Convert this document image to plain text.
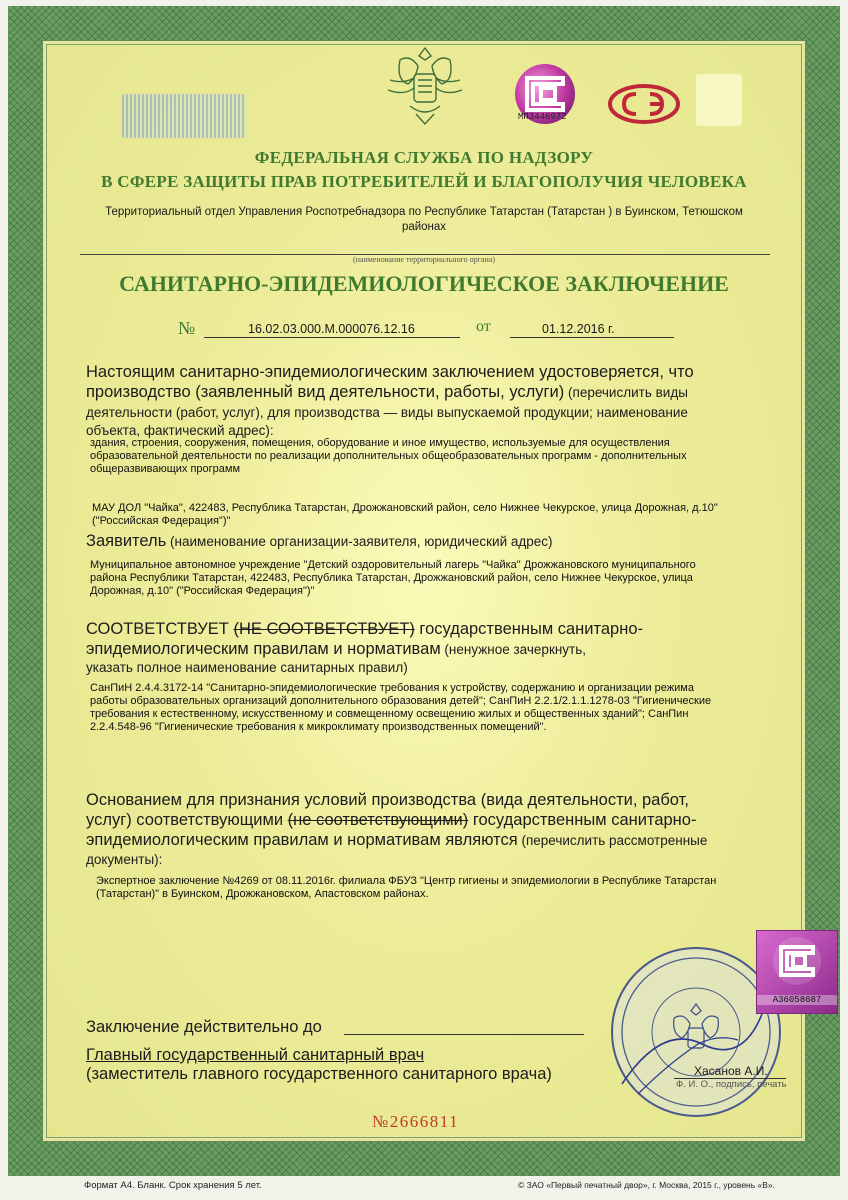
МП3446972
ФЕДЕРАЛЬНАЯ СЛУЖБА ПО НАДЗОРУ
В СФЕРЕ ЗАЩИТЫ ПРАВ ПОТРЕБИТЕЛЕЙ И БЛАГОПОЛУЧИЯ ЧЕЛОВЕКА
Территориальный отдел Управления Роспотребнадзора по Республике Татарстан (Татарстан ) в Буинском, Тетюшском
районах
(наименование территориального органа)
САНИТАРНО-ЭПИДЕМИОЛОГИЧЕСКОЕ ЗАКЛЮЧЕНИЕ
№	16.02.03.000.М.000076.12.16	от	01.12.2016 г.
Настоящим санитарно-эпидемиологическим заключением удостоверяется, что
производство (заявленный вид деятельности, работы, услуги) (перечислить виды
деятельности (работ, услуг), для производства — виды выпускаемой продукции; наименование
объекта, фактический адрес):
здания, строения, сооружения, помещения, оборудование и иное имущество, используемые для осуществления
образовательной деятельности по реализации дополнительных общеобразовательных программ - дополнительных
общеразвивающих программ
МАУ ДОЛ "Чайка", 422483, Республика Татарстан, Дрожжановский район, село Нижнее Чекурское, улица Дорожная, д.10"
("Российская Федерация")"
Заявитель (наименование организации-заявителя, юридический адрес)
Муниципальное автономное учреждение "Детский оздоровительный лагерь "Чайка" Дрожжановского муниципального
района Республики Татарстан, 422483, Республика Татарстан, Дрожжановский район, село Нижнее Чекурское, улица
Дорожная, д.10" ("Российская Федерация")"
СООТВЕТСТВУЕТ (НЕ СООТВЕТСТВУЕТ) государственным санитарно-
эпидемиологическим правилам и нормативам (ненужное зачеркнуть,
указать полное наименование санитарных правил)
СанПиН 2.4.4.3172-14 "Санитарно-эпидемиологические требования к устройству, содержанию и организации режима
работы образовательных организаций дополнительного образования детей"; СанПиН 2.2.1/2.1.1.1278-03 "Гигиенические
требования к естественному, искусственному и совмещенному освещению жилых и общественных зданий"; СанПин
2.2.4.548-96 "Гигиенические требования к микроклимату производственных помещений".
Основанием для признания условий производства (вида деятельности, работ,
услуг) соответствующими (не соответствующими) государственным санитарно-
эпидемиологическим правилам и нормативам являются (перечислить рассмотренные
документы):
Экспертное заключение №4269 от 08.11.2016г. филиала ФБУЗ "Центр гигиены и эпидемиологии в Республике Татарстан
(Татарстан)" в Буинском, Дрожжановском, Апастовском районах.
Заключение действительно до
Главный государственный санитарный врач
(заместитель главного государственного санитарного врача)
А36058687
Хасанов А.И.
Ф. И. О., подпись, печать
№2666811
Формат А4. Бланк. Срок хранения 5 лет.	© ЗАО «Первый печатный двор», г. Москва, 2015 г., уровень «В».
